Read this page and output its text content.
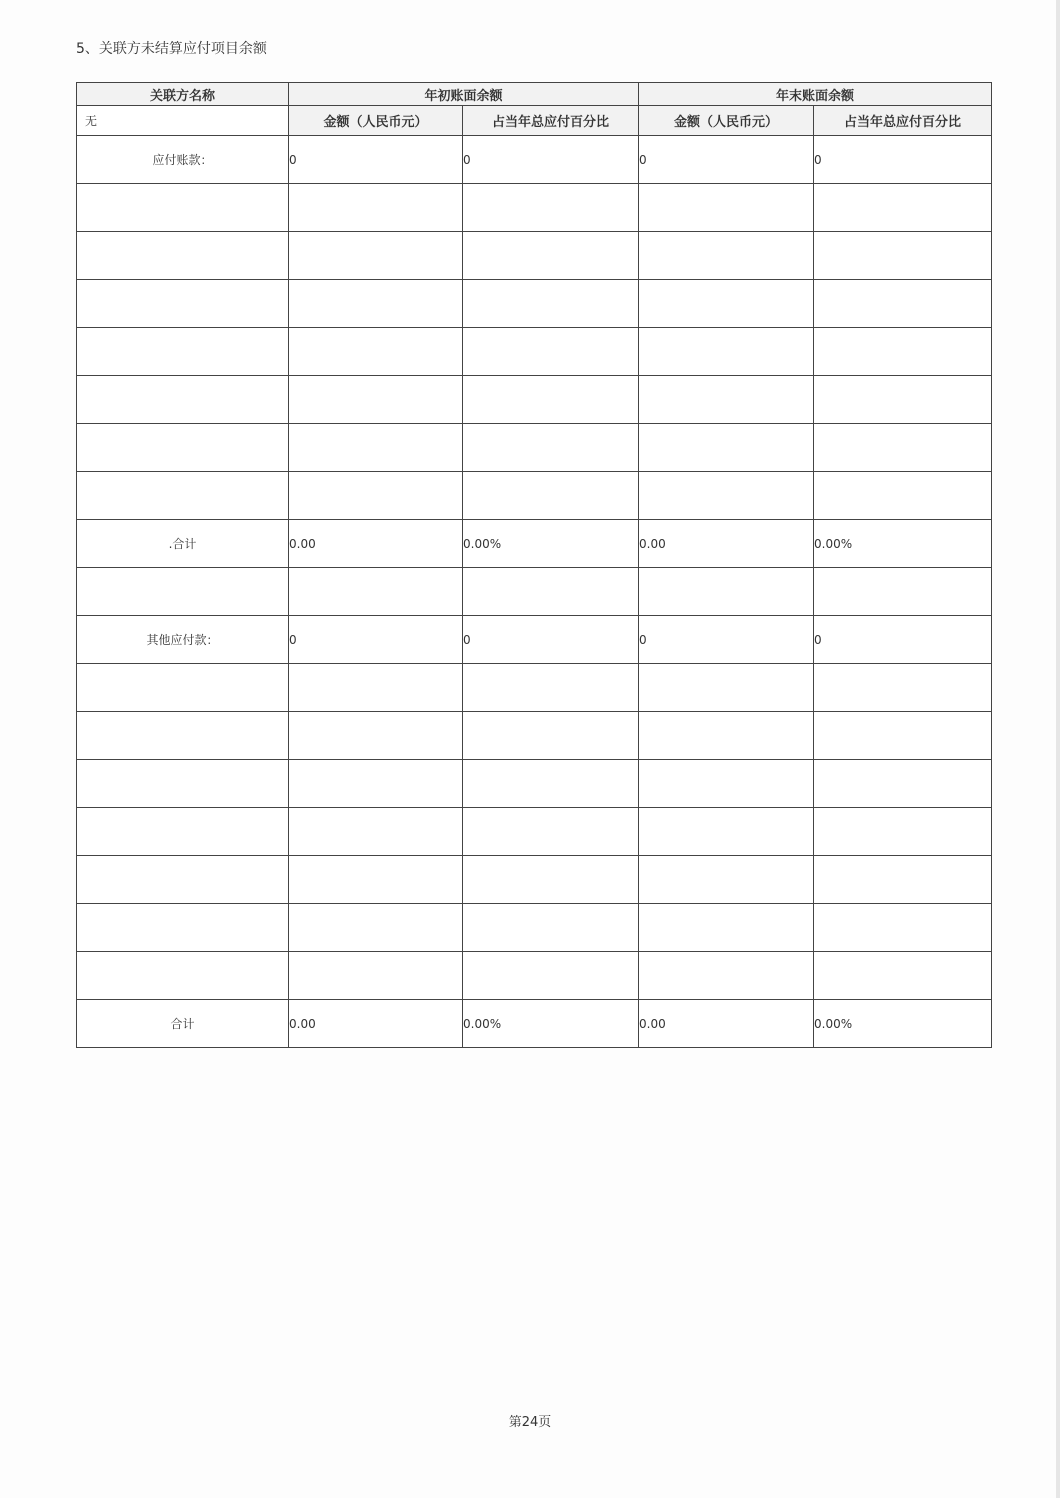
5、关联方未结算应付项目余额
关联方名称	年初账面余额		年末账面余额	
无	金额（人民币元）	占当年总应付百分比	金额（人民币元）	占当年总应付百分比
应付账款：	0	0	0	0

.合计	0.00	0.00%	0.00	0.00%

其他应付款：	0	0	0	0

合计	0.00	0.00%	0.00	0.00%
第24页
